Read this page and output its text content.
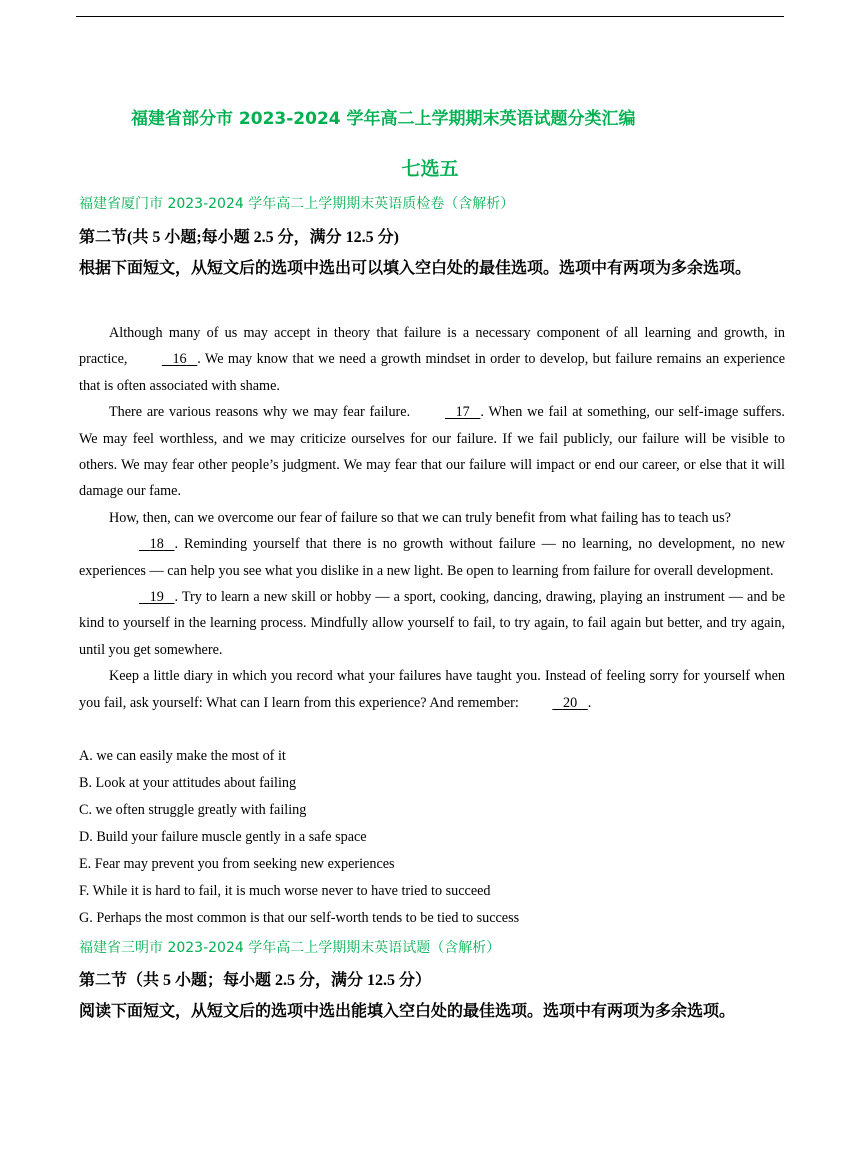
福建省部分市 2023-2024 学年高二上学期期末英语试题分类汇编
七选五
福建省厦门市 2023-2024 学年高二上学期期末英语质检卷（含解析）
第二节(共 5 小题;每小题 2.5 分，满分 12.5 分)
根据下面短文，从短文后的选项中选出可以填入空白处的最佳选项。选项中有两项为多余选项。

Although many of us may accept in theory that failure is a necessary component of all learning and growth, in practice,	16 . We may know that we need a growth mindset in order to develop, but failure remains an experience that is often associated with shame.

There are various reasons why we may fear failure.	17 . When we fail at something, our self-image suffers. We may feel worthless, and we may criticize ourselves for our failure. If we fail publicly, our failure will be visible to others. We may fear other people’s judgment. We may fear that our failure will impact or end our career, or else that it will damage our fame.

How, then, can we overcome our fear of failure so that we can truly benefit from what failing has to teach us?

18 . Reminding yourself that there is no growth without failure — no learning, no development, no new experiences — can help you see what you dislike in a new light. Be open to learning from failure for overall development.

19 . Try to learn a new skill or hobby — a sport, cooking, dancing, drawing, playing an instrument — and be kind to yourself in the learning process. Mindfully allow yourself to fail, to try again, to fail again but better, and try again, until you get somewhere.

Keep a little diary in which you record what your failures have taught you. Instead of feeling sorry for yourself when you fail, ask yourself: What can I learn from this experience? And remember:	20 .

A. we can easily make the most of it
B. Look at your attitudes about failing
C. we often struggle greatly with failing
D. Build your failure muscle gently in a safe space
E. Fear may prevent you from seeking new experiences
F. While it is hard to fail, it is much worse never to have tried to succeed
G. Perhaps the most common is that our self-worth tends to be tied to success
福建省三明市 2023-2024 学年高二上学期期末英语试题（含解析）
第二节（共 5 小题；每小题 2.5 分，满分 12.5 分）
阅读下面短文，从短文后的选项中选出能填入空白处的最佳选项。选项中有两项为多余选项。
